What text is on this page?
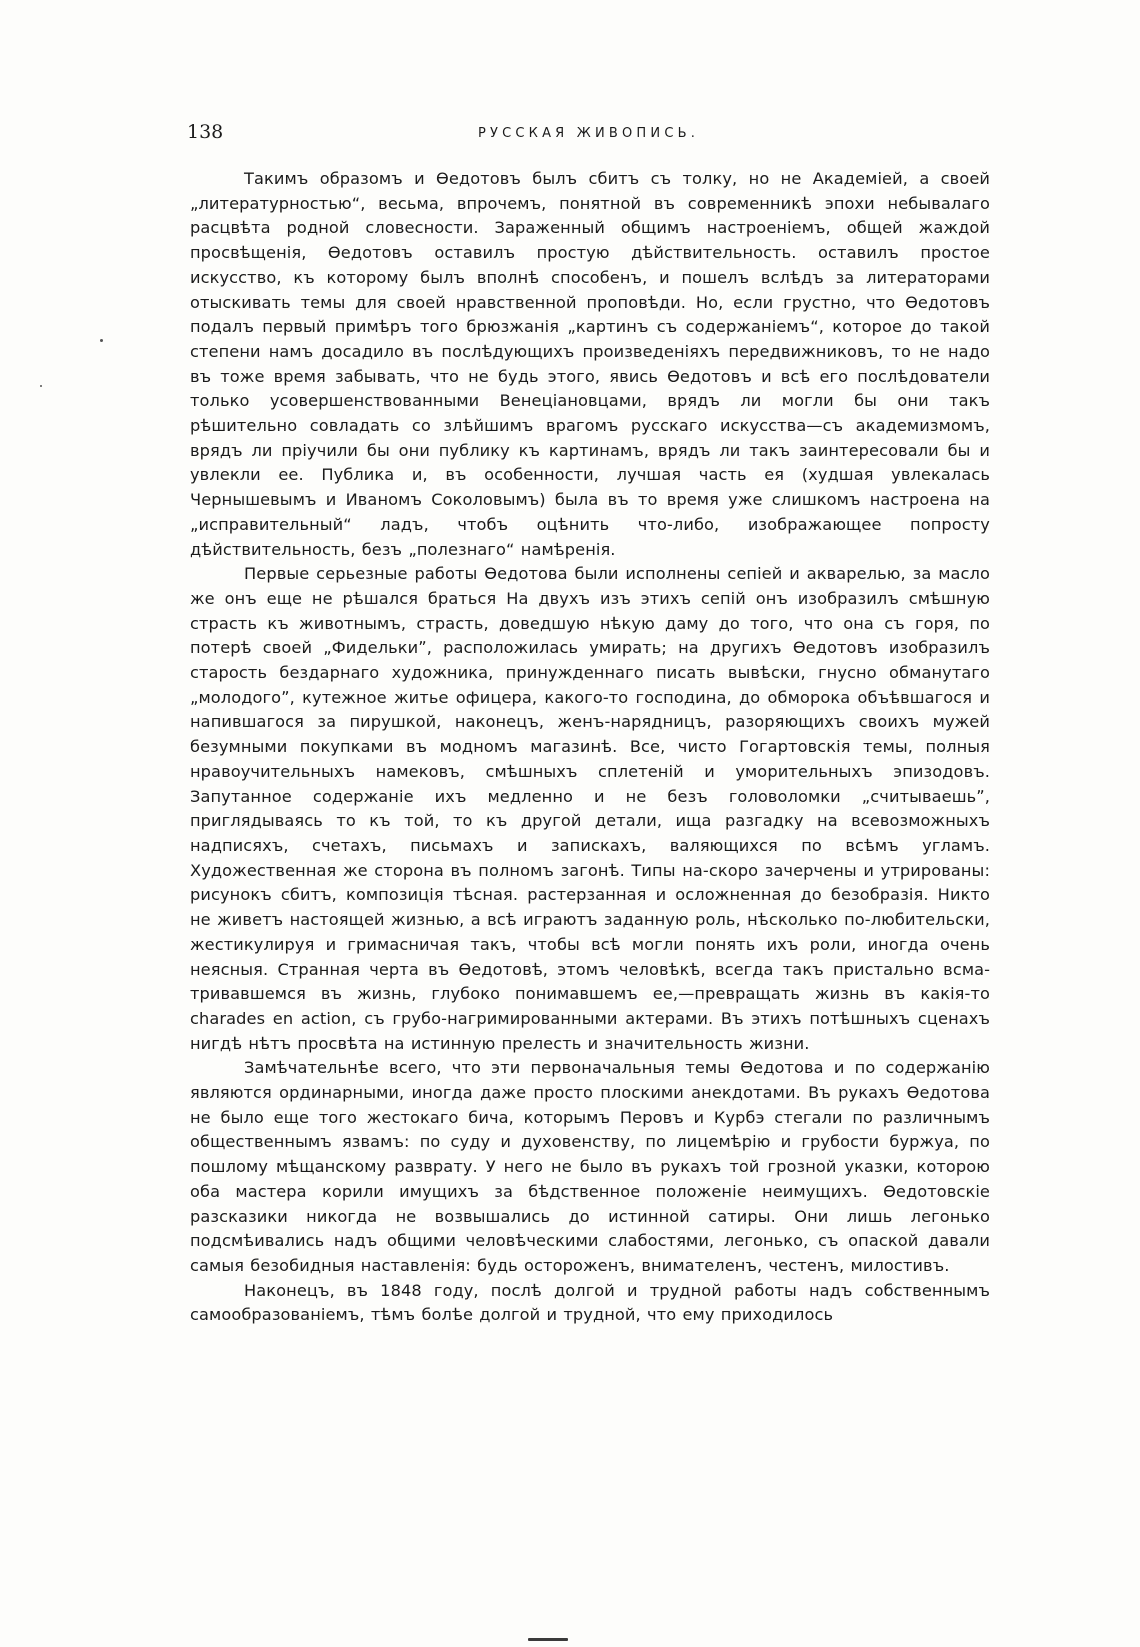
138	РУССКАЯ ЖИВОПИСЬ.

Такимъ образомъ и Өедотовъ былъ сбитъ съ толку, но не Академiей, а своей „литературностью“, весьма, впрочемъ, понятной въ современникѣ эпохи небывалаго расцвѣта родной словесности. Зараженный общимъ настроенiемъ, общей жаждой просвѣщенiя, Өедотовъ оставилъ простую дѣйствительность. оставилъ простое искусство, къ которому былъ вполнѣ способенъ, и пошелъ вслѣдъ за литераторами отыскивать темы для своей нравственной проповѣди. Но, если грустно, что Өедотовъ подалъ первый примѣръ того брюзжанiя „картинъ съ содержанiемъ“, которое до такой степени намъ досадило въ послѣдующихъ произведенiяхъ передвижниковъ, то не надо въ тоже время забывать, что не будь этого, явись Өедотовъ и всѣ его послѣдователи только усовершенствованными Венецiановцами, врядъ ли могли бы они такъ рѣшительно совладать со злѣйшимъ врагомъ русскаго искусства—съ академизмомъ, врядъ ли прiучили бы они публику къ картинамъ, врядъ ли такъ заинтересовали бы и увлекли ее. Публика и, въ особенности, лучшая часть ея (худшая увлекалась Чернышевымъ и Иваномъ Соколовымъ) была въ то время уже слишкомъ настроена на „исправительный“ ладъ, чтобъ оцѣнить что-либо, изображающее попросту дѣйствительность, безъ „полезнаго“ намѣренiя.

Первые серьезные работы Өедотова были исполнены сепiей и акварелью, за масло же онъ еще не рѣшался браться На двухъ изъ этихъ сепiй онъ изобразилъ смѣшную страсть къ животнымъ, страсть, доведшую нѣкую даму до того, что она съ горя, по потерѣ своей „Фиделькиˮ, расположилась умирать; на другихъ Өедотовъ изобразилъ старость бездарнаго художника, принужденнаго писать вывѣски, гнусно обманутаго „молодогоˮ, кутежное житье офицера, какого-то господина, до обморока объѣвшагося и напившагося за пирушкой, наконецъ, женъ-нарядницъ, разоряющихъ своихъ мужей безумными покупками въ модномъ магазинѣ. Все, чисто Гогартовскiя темы, полныя нравоучительныхъ намековъ, смѣшныхъ сплетенiй и уморительныхъ эпизодовъ. Запутанное содержанiе ихъ медленно и не безъ головоломки „считываешьˮ, приглядываясь то къ той, то къ другой детали, ища разгадку на всевозможныхъ надписяхъ, счетахъ, письмахъ и запискахъ, валяющихся по всѣмъ угламъ. Художественная же сторона въ полномъ загонѣ. Типы на-скоро зачерчены и утрированы: рисунокъ сбитъ, композицiя тѣсная. растерзанная и осложненная до безобразiя. Никто не живетъ настоящей жизнью, а всѣ играютъ заданную роль, нѣсколько по-любительски, жестикулируя и гримасничая такъ, чтобы всѣ могли понять ихъ роли, иногда очень неясныя. Странная черта въ Өедотовѣ, этомъ человѣкѣ, всегда такъ пристально всматривавшемся въ жизнь, глубоко понимавшемъ ее,—превращать жизнь въ какiя-то charades en action, съ грубо-нагримированными актерами. Въ этихъ потѣшныхъ сценахъ нигдѣ нѣтъ просвѣта на истинную прелесть и значительность жизни.

Замѣчательнѣе всего, что эти первоначальныя темы Өедотова и по содержанiю являются ординарными, иногда даже просто плоскими анекдотами. Въ рукахъ Өедотова не было еще того жестокаго бича, которымъ Перовъ и Курбэ стегали по различнымъ общественнымъ язвамъ: по суду и духовенству, по лицемѣрiю и грубости буржуа, по пошлому мѣщанскому разврату. У него не было въ рукахъ той грозной указки, которою оба мастера корили имущихъ за бѣдственное положенiе неимущихъ. Өедотовскiе разсказики никогда не возвышались до истинной сатиры. Они лишь легонько подсмѣивались надъ общими человѣческими слабостями, легонько, съ опаской давали самыя безобидныя наставленiя: будь остороженъ, внимателенъ, честенъ, милостивъ.

Наконецъ, въ 1848 году, послѣ долгой и трудной работы надъ собственнымъ самообразованiемъ, тѣмъ болѣе долгой и трудной, что ему приходилось
